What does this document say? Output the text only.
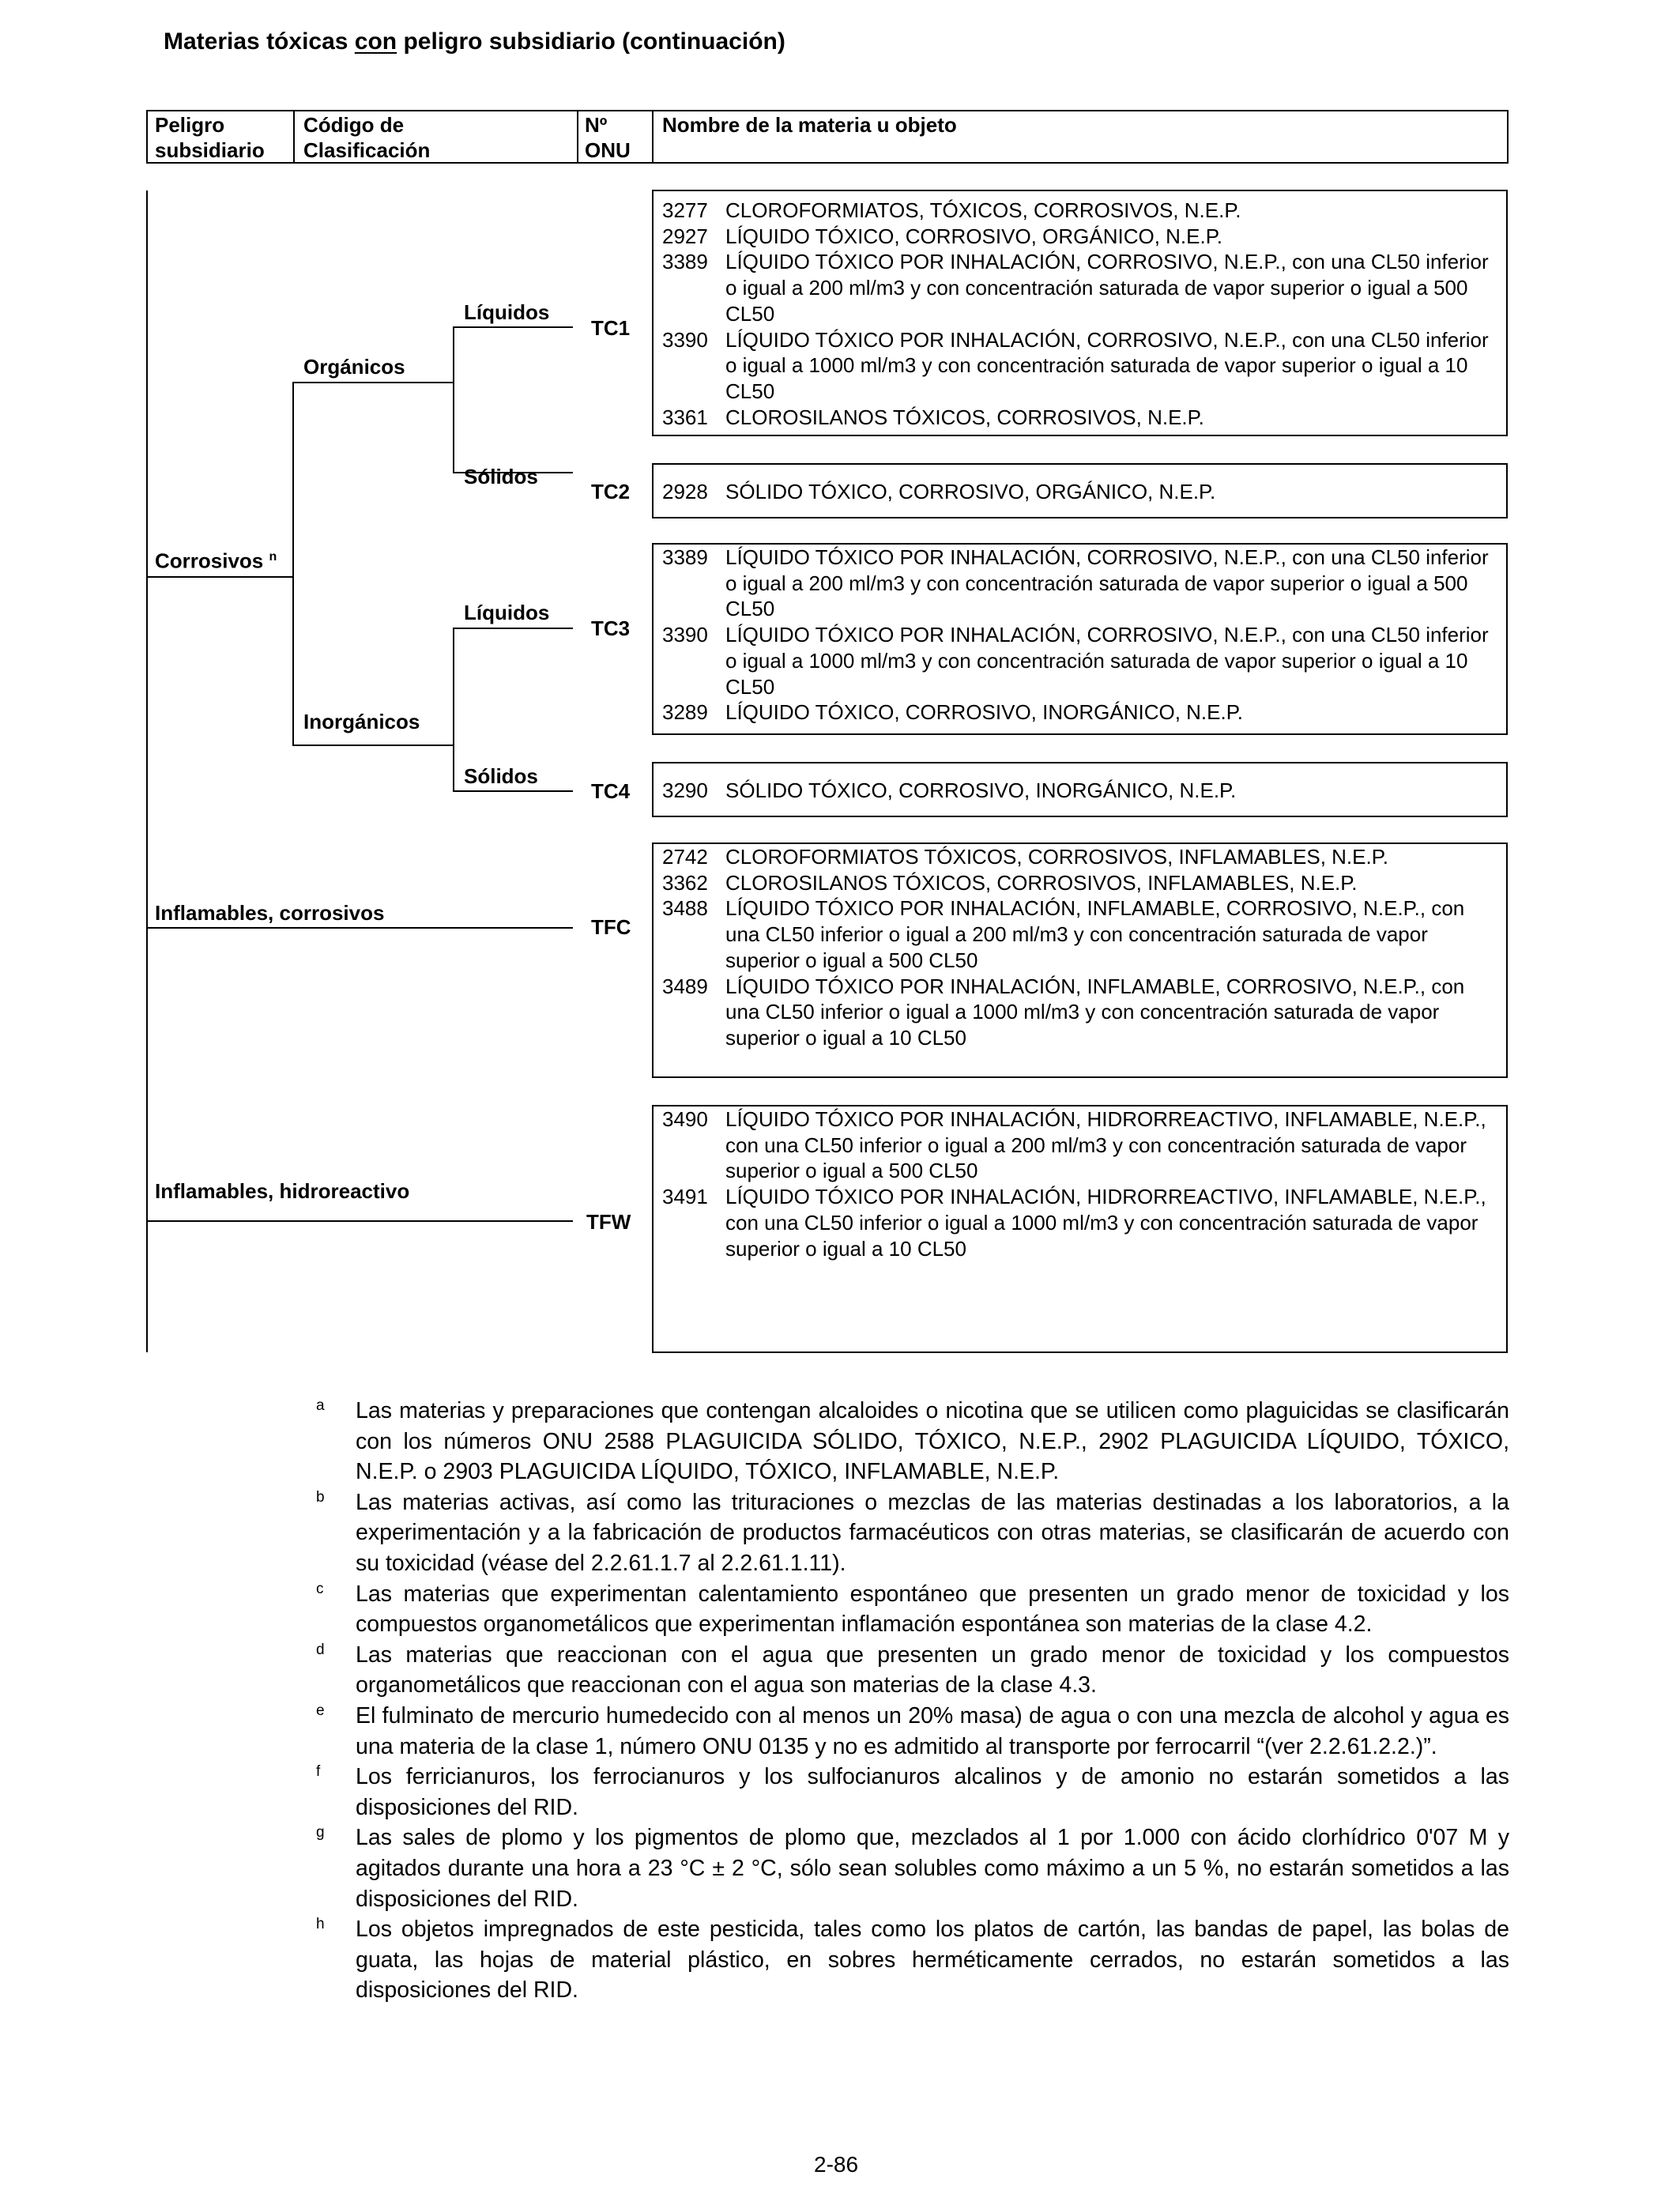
Materias tóxicas con peligro subsidiario (continuación)
Peligro subsidiario
Código de Clasificación
Nº ONU
Nombre de la materia u objeto
Corrosivos $^n$
Orgánicos
Inorgánicos
Líquidos
Sólidos
Líquidos
Sólidos
Inflamables, corrosivos
Inflamables, hidroreactivo
TC1
TC2
TC3
TC4
TFC
TFW
3277 CLOROFORMIATOS, TÓXICOS, CORROSIVOS, N.E.P.
2927 LÍQUIDO TÓXICO, CORROSIVO, ORGÁNICO, N.E.P.
3389 LÍQUIDO TÓXICO POR INHALACIÓN, CORROSIVO, N.E.P., con una CL50 inferior o igual a 200 ml/m3 y con concentración saturada de vapor superior o igual a 500 CL50
3390 LÍQUIDO TÓXICO POR INHALACIÓN, CORROSIVO, N.E.P., con una CL50 inferior o igual a 1000 ml/m3 y con concentración saturada de vapor superior o igual a 10 CL50
3361 CLOROSILANOS TÓXICOS, CORROSIVOS, N.E.P.
2928 SÓLIDO TÓXICO, CORROSIVO, ORGÁNICO, N.E.P.
3389 LÍQUIDO TÓXICO POR INHALACIÓN, CORROSIVO, N.E.P., con una CL50 inferior o igual a 200 ml/m3 y con concentración saturada de vapor superior o igual a 500 CL50
3390 LÍQUIDO TÓXICO POR INHALACIÓN, CORROSIVO, N.E.P., con una CL50 inferior o igual a 1000 ml/m3 y con concentración saturada de vapor superior o igual a 10 CL50
3289 LÍQUIDO TÓXICO, CORROSIVO, INORGÁNICO, N.E.P.
3290 SÓLIDO TÓXICO, CORROSIVO, INORGÁNICO, N.E.P.
2742 CLOROFORMIATOS TÓXICOS, CORROSIVOS, INFLAMABLES, N.E.P.
3362 CLOROSILANOS TÓXICOS, CORROSIVOS, INFLAMABLES, N.E.P.
3488 LÍQUIDO TÓXICO POR INHALACIÓN, INFLAMABLE, CORROSIVO, N.E.P., con una CL50 inferior o igual a 200 ml/m3 y con concentración saturada de vapor superior o igual a 500 CL50
3489 LÍQUIDO TÓXICO POR INHALACIÓN, INFLAMABLE, CORROSIVO, N.E.P., con una CL50 inferior o igual a 1000 ml/m3 y con concentración saturada de vapor superior o igual a 10 CL50
3490 LÍQUIDO TÓXICO POR INHALACIÓN, HIDRORREACTIVO, INFLAMABLE, N.E.P., con una CL50 inferior o igual a 200 ml/m3 y con concentración saturada de vapor superior o igual a 500 CL50
3491 LÍQUIDO TÓXICO POR INHALACIÓN, HIDRORREACTIVO, INFLAMABLE, N.E.P., con una CL50 inferior o igual a 1000 ml/m3 y con concentración saturada de vapor superior o igual a 10 CL50
a Las materias y preparaciones que contengan alcaloides o nicotina que se utilicen como plaguicidas se clasificarán con los números ONU 2588 PLAGUICIDA SÓLIDO, TÓXICO, N.E.P., 2902 PLAGUICIDA LÍQUIDO, TÓXICO, N.E.P. o 2903 PLAGUICIDA LÍQUIDO, TÓXICO, INFLAMABLE, N.E.P.
b Las materias activas, así como las trituraciones o mezclas de las materias destinadas a los laboratorios, a la experimentación y a la fabricación de productos farmacéuticos con otras materias, se clasificarán de acuerdo con su toxicidad (véase del 2.2.61.1.7 al 2.2.61.1.11).
c Las materias que experimentan calentamiento espontáneo que presenten un grado menor de toxicidad y los compuestos organometálicos que experimentan inflamación espontánea son materias de la clase 4.2.
d Las materias que reaccionan con el agua que presenten un grado menor de toxicidad y los compuestos organometálicos que reaccionan con el agua son materias de la clase 4.3.
e El fulminato de mercurio humedecido con al menos un 20% masa) de agua o con una mezcla de alcohol y agua es una materia de la clase 1, número ONU 0135 y no es admitido al transporte por ferrocarril “(ver 2.2.61.2.2.)”.
f Los ferricianuros, los ferrocianuros y los sulfocianuros alcalinos y de amonio no estarán sometidos a las disposiciones del RID.
g Las sales de plomo y los pigmentos de plomo que, mezclados al 1 por 1.000 con ácido clorhídrico 0'07 M y agitados durante una hora a 23 °C ± 2 °C, sólo sean solubles como máximo a un 5 %, no estarán sometidos a las disposiciones del RID.
h Los objetos impregnados de este pesticida, tales como los platos de cartón, las bandas de papel, las bolas de guata, las hojas de material plástico, en sobres herméticamente cerrados, no estarán sometidos a las disposiciones del RID.
2-86
